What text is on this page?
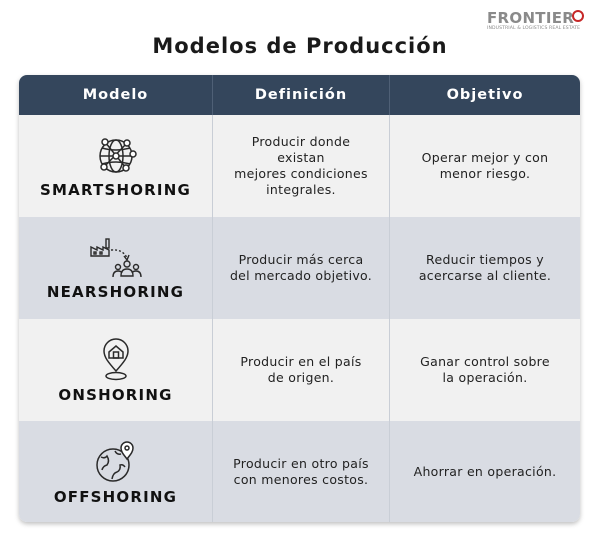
FRONTIER
INDUSTRIAL & LOGISTICS REAL ESTATE
Modelos de Producción
Modelo	Definición	Objetivo
SMARTSHORING
Producir donde existan
mejores condiciones
integrales.
Operar mejor y con
menor riesgo.
NEARSHORING
Producir más cerca
del mercado objetivo.
Reducir tiempos y
acercarse al cliente.
ONSHORING
Producir en el país
de origen.
Ganar control sobre
la operación.
OFFSHORING
Producir en otro país
con menores costos.
Ahorrar en operación.
